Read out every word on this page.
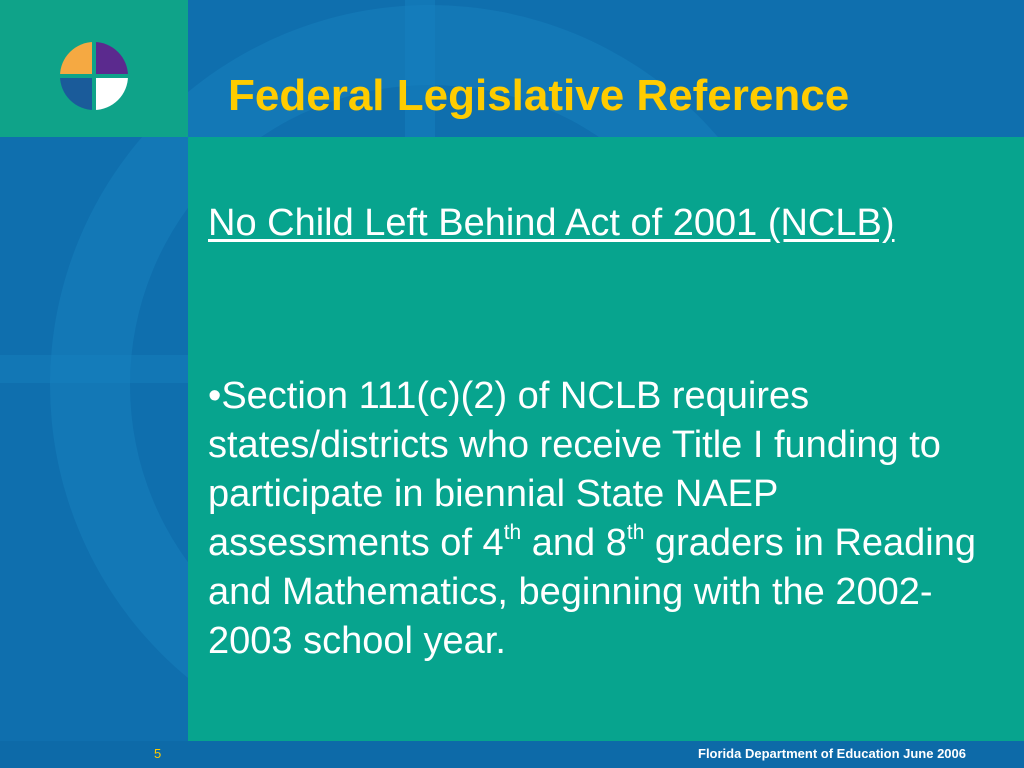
Federal Legislative Reference

No Child Left Behind Act of 2001 (NCLB)

•Section 111(c)(2) of NCLB requires states/districts who receive Title I funding to participate in biennial State NAEP assessments of 4th and 8th graders in Reading and Mathematics, beginning with the 2002-2003 school year.

5	Florida Department of Education June 2006
